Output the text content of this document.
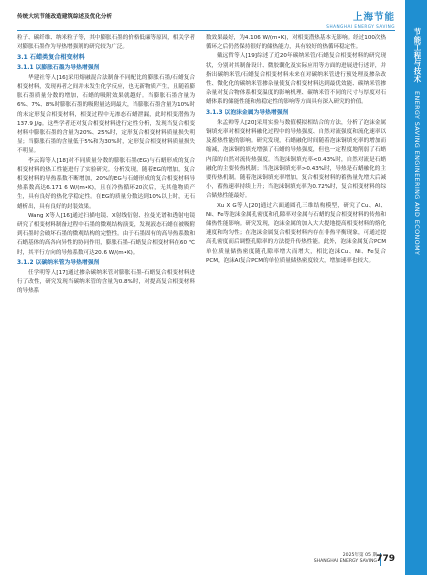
传统大坑节能改造建筑综述及优化分析	上海节能
SHANGHAI ENERGY SAVING
节能工程与技术 ENERGY SAVING ENGINEERING AND ECONOMY

粒子、碳纤维、纳米粒子等，其中膨胀石墨的价格低廉等原因，相关学者对膨胀石墨作为导热增强剂的研究较为广泛。

3.1 石蜡类复合相变材料
3.1.1 以膨胀石墨为导热增强剂

华建社等人[16]采用熔融混合法制备不同配比的膨胀石墨/石蜡复合相变材料，发现再者之间并未发生化学反应，也无新物质产生，且随着膨胀石墨质量分数的增加，石蜡的吸附效果就越好。当膨胀石墨含量为6%、7%、8%时膨胀石墨的吸附量达到最大，当膨胀石墨含量为10%时的未定形复合相变材料，相变过程中无渗态石蜡泄漏，此时相变潜热为137.9 J/g。这些学者还对复合相变材料进行定性分析，发现当复合相变材料中膨胀石墨的含量为20%、25%时，定形复合相变材料质量损失明显；当膨胀石墨的含量低于5%和为30%时，定形复合相变材料质量损失不明显。

李云海等人[18]对不同质量分数的膨胀石墨(EG)与石蜡形成的复合相变材料的热工性能进行了实验研究。分析发现，随着EG的增加，复合相变材料的导热系数不断增加，20%的EG与石蜡形成的复合相变材料导热系数高达6.171 6 W/(m•K)，且在冷热循环20次后，无其他物质产生，具有良好的热化学稳定性。在EG的质量分数达到10%以上时，无石蜡析出，具有良好的封装效果。

Wang X等人[16]通过扫描电镜、X射线衍射、拉曼光谱和透射电镜研究了相变材料制备过程中石墨的微观结构演变，发现液态石蜡在被吸附到石墨时会破坏石墨的微观结构的完整性。由于石墨固有的高导热系数和石蜡基体的高各向异性的协同作用，膨胀石墨-石蜡复合相变材料在60 ℃时，其平行方向的导热系数可达20.6 W/(m•K)。

3.1.2 以碳纳米管为导热增强剂

任学明等人[17]通过掺杂碳纳米管对膨胀石墨-石蜡复合相变材料进行了改性，研究发现当碳纳米管的含量为0.8%时，对提高复合相变材料的导热系

数效果最好，为4.106 W/(m•K)，对相变潜热基本无影响。经过100次热循环之后仍然保持很好的储热能力，具有较好的热循环稳定性。

戴远哲等人[19]综述了近20年碳纳米管/石蜡复合相变材料的研究现状，分别对其制备设计、微胶囊化及实际应用等方面的进展进行述评，并指出碳纳米管/石蜡复合相变材料未来在对碳纳米管进行预处理及掺杂改性、微化化的碳纳米管掺杂量使复合相变材料达到最优效能、碳纳米管掺杂量对复合物体系相变温度的影响机理、碳纳米管不同的尺寸与厚度对石蜡体系的储能性能和热稳定性的影响等方面具有深入研究的价值。

3.1.3 以泡沫金属为导热增强剂

朱孟帅等人[20]采用实验与数值模拟相结合的方法，分析了泡沫金属铜填充率对相变材料融化过程中的导热强度、自然对流强度和流化速率以及蓄热性能的影响。研究发现，石蜡融化时间随着泡沫铜填充率的增加而缩减，泡沫铜的填充增强了石蜡的导热强度，但也一定程度地削弱了石蜡内部的自然对流传热强度。当泡沫铜填充率<0.43%时，自然对流是石蜡融化的主要传热机制；当泡沫铜填充率>0.43%时，导热是石蜡融化的主要传热机制。随着泡沫铜填充率增加，复合相变材料的蓄热量先增大后减小，蓄热速率持续上升；当泡沫铜填充率为0.72%时，复合相变材料的综合储热性能最好。

Xu X G等人[20]通过六面通圆孔三维结构模型，研究了Cu、Al、Ni、Fe等泡沫金属孔密度和孔隙率对金属与石蜡的复合相变材料的传热和储热性能影响。研究发现，泡沫金属的加入大大提地提高相变材料的熔化速度和均匀性；在泡沫金属复合相变材料内存在非热平衡现象，可通过提高孔密度而后调整孔隙率的方法提升传热性能。此外，泡沫金属复合PCM单位质量储热密度随孔隙率增大而增大，相比泡沫Cu、Ni、Fe复合PCM，泡沫Al复合PCM的单位质量储热密度较大，增加速率也较大。

2025年第 05 期
SHANGHAI ENERGY SAVING 779
